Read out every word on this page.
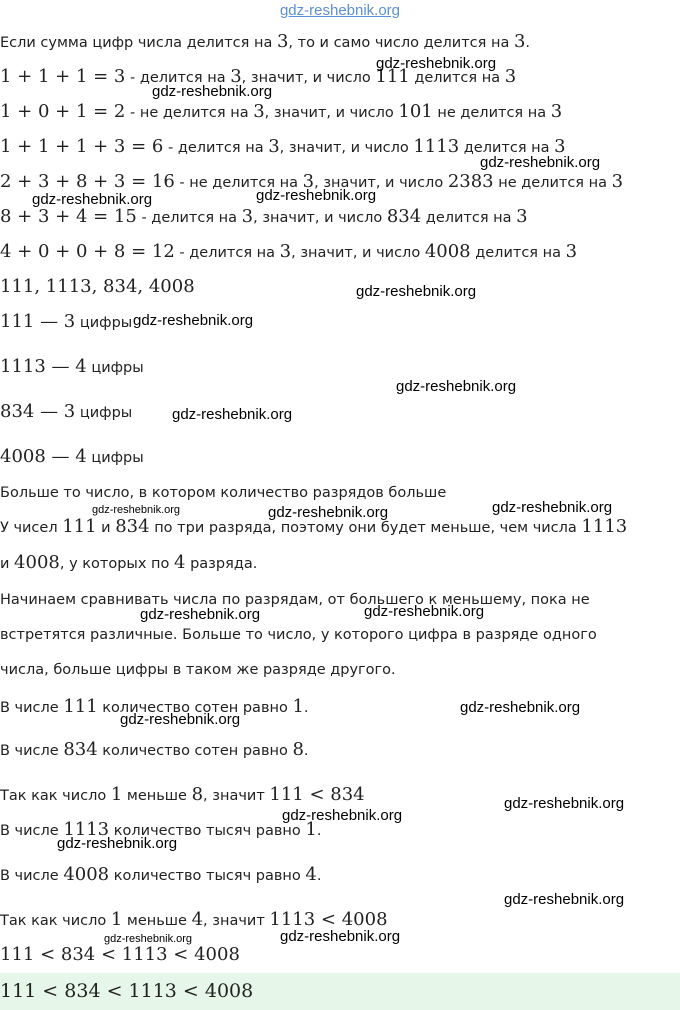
gdz-reshebnik.org
Если сумма цифр числа делится на 3, то и само число делится на 3.
1 + 1 + 1 = 3 - делится на 3, значит, и число 111 делится на 3
1 + 0 + 1 = 2 - не делится на 3, значит, и число 101 не делится на 3
1 + 1 + 1 + 3 = 6 - делится на 3, значит, и число 1113 делится на 3
2 + 3 + 8 + 3 = 16 - не делится на 3, значит, и число 2383 не делится на 3
8 + 3 + 4 = 15 - делится на 3, значит, и число 834 делится на 3
4 + 0 + 0 + 8 = 12 - делится на 3, значит, и число 4008 делится на 3
111, 1113, 834, 4008
111 — 3 цифры
1113 — 4 цифры
834 — 3 цифры
4008 — 4 цифры
Больше то число, в котором количество разрядов больше
У чисел 111 и 834 по три разряда, поэтому они будет меньше, чем числа 1113
и 4008, у которых по 4 разряда.
Начинаем сравнивать числа по разрядам, от большего к меньшему, пока не
встретятся различные. Больше то число, у которого цифра в разряде одного
числа, больше цифры в таком же разряде другого.
В числе 111 количество сотен равно 1.
В числе 834 количество сотен равно 8.
Так как число 1 меньше 8, значит 111 < 834
В числе 1113 количество тысяч равно 1.
В числе 4008 количество тысяч равно 4.
Так как число 1 меньше 4, значит 1113 < 4008
111 < 834 < 1113 < 4008
111 < 834 < 1113 < 4008
gdz-reshebnik.org
gdz-reshebnik.org
gdz-reshebnik.org
gdz-reshebnik.org
gdz-reshebnik.org
gdz-reshebnik.org
gdz-reshebnik.org
gdz-reshebnik.org
gdz-reshebnik.org
gdz-reshebnik.org	gdz-reshebnik.org	gdz-reshebnik.org
gdz-reshebnik.org	gdz-reshebnik.org
gdz-reshebnik.org
gdz-reshebnik.org
gdz-reshebnik.org
gdz-reshebnik.org
gdz-reshebnik.org
gdz-reshebnik.org
gdz-reshebnik.org	gdz-reshebnik.org
